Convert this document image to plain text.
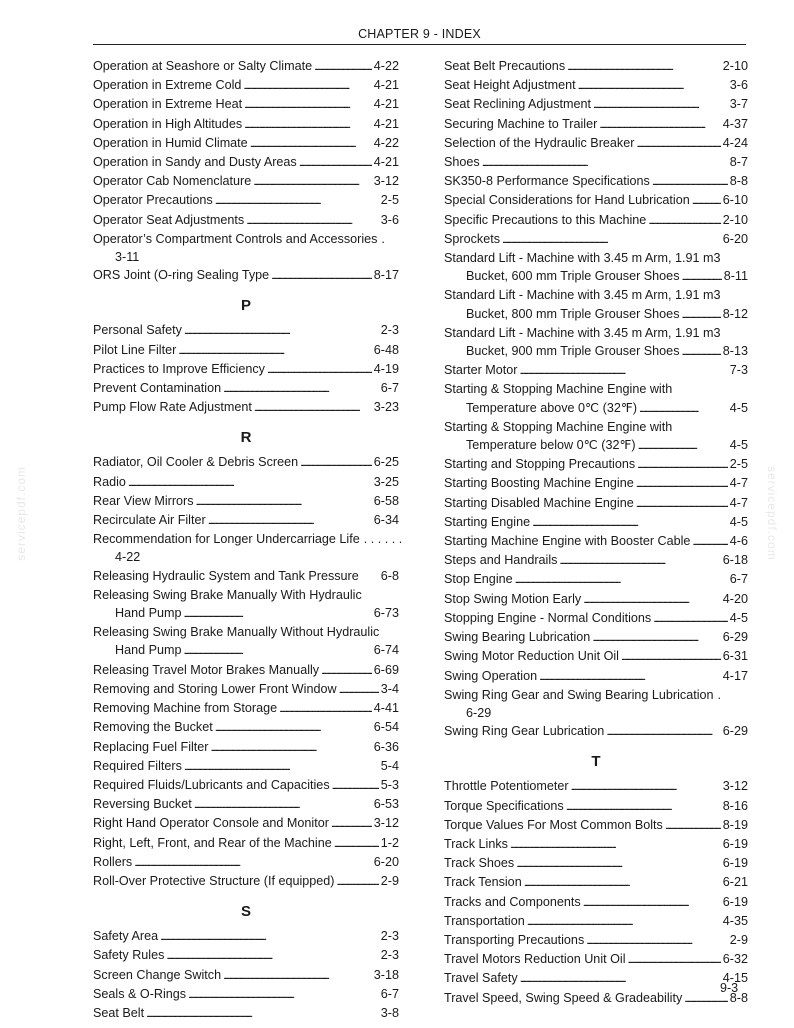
CHAPTER 9 - INDEX
servicepdf.com	servicepdf.com
Operation at Seashore or Salty Climate . . .	4-22
Operation in Extreme Cold . . .	4-21
Operation in Extreme Heat . . .	4-21
Operation in High Altitudes . . .	4-21
Operation in Humid Climate . . .	4-22
Operation in Sandy and Dusty Areas . . .	4-21
Operator Cab Nomenclature . . .	3-12
Operator Precautions . . .	2-5
Operator Seat Adjustments . . .	3-6
Operator’s Compartment Controls and Accessories .
3-11
ORS Joint (O-ring Sealing Type . . .	8-17
P
Personal Safety . . .	2-3
Pilot Line Filter . . .	6-48
Practices to Improve Efficiency . . .	4-19
Prevent Contamination . . .	6-7
Pump Flow Rate Adjustment . . .	3-23
R
Radiator, Oil Cooler & Debris Screen . . .	6-25
Radio . . .	3-25
Rear View Mirrors . . .	6-58
Recirculate Air Filter . . .	6-34
Recommendation for Longer Undercarriage Life . . . . . .
4-22
Releasing Hydraulic System and Tank Pressure 6-8
Releasing Swing Brake Manually With Hydraulic
Hand Pump . . .	6-73
Releasing Swing Brake Manually Without Hydraulic
Hand Pump . . .	6-74
Releasing Travel Motor Brakes Manually . . .	6-69
Removing and Storing Lower Front Window . . .	3-4
Removing Machine from Storage . . .	4-41
Removing the Bucket . . .	6-54
Replacing Fuel Filter . . .	6-36
Required Filters . . .	5-4
Required Fluids/Lubricants and Capacities . . .	5-3
Reversing Bucket . . .	6-53
Right Hand Operator Console and Monitor . . .	3-12
Right, Left, Front, and Rear of the Machine . . .	1-2
Rollers . . .	6-20
Roll-Over Protective Structure (If equipped) . . .	2-9
S
Safety Area . . .	2-3
Safety Rules . . .	2-3
Screen Change Switch . . .	3-18
Seals & O-Rings . . .	6-7
Seat Belt . . .	3-8
Seat Belt Precautions . . .	2-10
Seat Height Adjustment . . .	3-6
Seat Reclining Adjustment . . .	3-7
Securing Machine to Trailer . . .	4-37
Selection of the Hydraulic Breaker . . .	4-24
Shoes . . .	8-7
SK350-8 Performance Specifications . . .	8-8
Special Considerations for Hand Lubrication . . .	6-10
Specific Precautions to this Machine . . .	2-10
Sprockets . . .	6-20
Standard Lift - Machine with 3.45 m Arm, 1.91 m3
Bucket, 600 mm Triple Grouser Shoes . . .	8-11
Standard Lift - Machine with 3.45 m Arm, 1.91 m3
Bucket, 800 mm Triple Grouser Shoes . . .	8-12
Standard Lift - Machine with 3.45 m Arm, 1.91 m3
Bucket, 900 mm Triple Grouser Shoes . . .	8-13
Starter Motor . . .	7-3
Starting & Stopping Machine Engine with
Temperature above 0℃ (32℉) . . .	4-5
Starting & Stopping Machine Engine with
Temperature below 0℃ (32℉) . . .	4-5
Starting and Stopping Precautions . . .	2-5
Starting Boosting Machine Engine . . .	4-7
Starting Disabled Machine Engine . . .	4-7
Starting Engine . . .	4-5
Starting Machine Engine with Booster Cable . . .	4-6
Steps and Handrails . . .	6-18
Stop Engine . . .	6-7
Stop Swing Motion Early . . .	4-20
Stopping Engine - Normal Conditions . . .	4-5
Swing Bearing Lubrication . . .	6-29
Swing Motor Reduction Unit Oil . . .	6-31
Swing Operation . . .	4-17
Swing Ring Gear and Swing Bearing Lubrication .
6-29
Swing Ring Gear Lubrication . . .	6-29
T
Throttle Potentiometer . . .	3-12
Torque Specifications . . .	8-16
Torque Values For Most Common Bolts . . .	8-19
Track Links . . .	6-19
Track Shoes . . .	6-19
Track Tension . . .	6-21
Tracks and Components . . .	6-19
Transportation . . .	4-35
Transporting Precautions . . .	2-9
Travel Motors Reduction Unit Oil . . .	6-32
Travel Safety . . .	4-15
Travel Speed, Swing Speed & Gradeability . . .	8-8
9-3
